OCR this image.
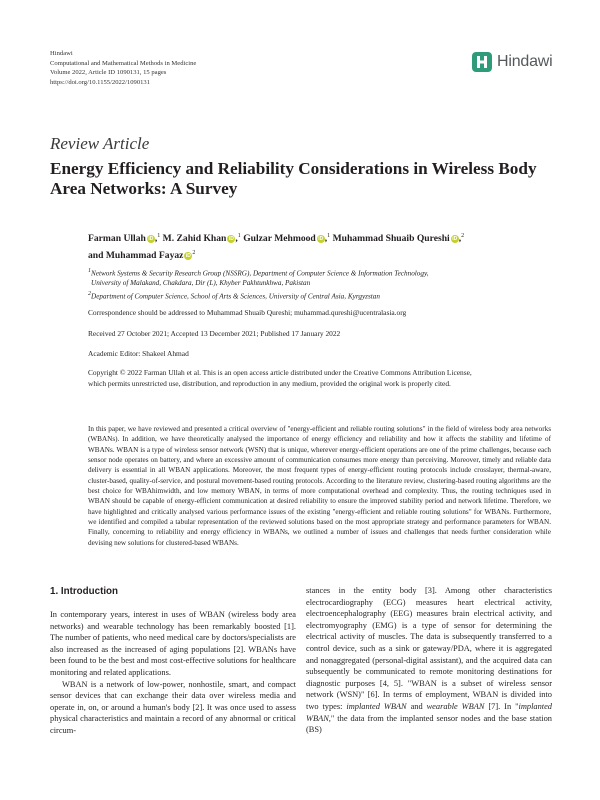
Hindawi
Computational and Mathematical Methods in Medicine
Volume 2022, Article ID 1090131, 15 pages
https://doi.org/10.1155/2022/1090131
Hindawi
Review Article
Energy Efficiency and Reliability Considerations in Wireless Body Area Networks: A Survey
Farman Ullah iD ,$^1$ M. Zahid Khan iD ,$^1$ Gulzar Mehmood iD ,$^1$ Muhammad Shuaib Qureshi iD ,$^2$
and Muhammad Fayaz iD $^2$
$^1$Network Systems & Security Research Group (NSSRG), Department of Computer Science & Information Technology,
University of Malakand, Chakdara, Dir (L), Khyber Pakhtunkhwa, Pakistan
$^2$Department of Computer Science, School of Arts & Sciences, University of Central Asia, Kyrgyzstan
Correspondence should be addressed to Muhammad Shuaib Qureshi; muhammad.qureshi@ucentralasia.org
Received 27 October 2021; Accepted 13 December 2021; Published 17 January 2022
Academic Editor: Shakeel Ahmad
Copyright © 2022 Farman Ullah et al. This is an open access article distributed under the Creative Commons Attribution License,
which permits unrestricted use, distribution, and reproduction in any medium, provided the original work is properly cited.
In this paper, we have reviewed and presented a critical overview of "energy-efficient and reliable routing solutions" in the field of wireless body area networks (WBANs). In addition, we have theoretically analysed the importance of energy efficiency and reliability and how it affects the stability and lifetime of WBANs. WBAN is a type of wireless sensor network (WSN) that is unique, wherever energy-efficient operations are one of the prime challenges, because each sensor node operates on battery, and where an excessive amount of communication consumes more energy than perceiving. Moreover, timely and reliable data delivery is essential in all WBAN applications. Moreover, the most frequent types of energy-efficient routing protocols include crosslayer, thermal-aware, cluster-based, quality-of-service, and postural movement-based routing protocols. According to the literature review, clustering-based routing algorithms are the best choice for WBAhimwidth, and low memory WBAN, in terms of more computational overhead and complexity. Thus, the routing techniques used in WBAN should be capable of energy-efficient communication at desired reliability to ensure the improved stability period and network lifetime. Therefore, we have highlighted and critically analysed various performance issues of the existing "energy-efficient and reliable routing solutions" for WBANs. Furthermore, we identified and compiled a tabular representation of the reviewed solutions based on the most appropriate strategy and performance parameters for WBAN. Finally, concerning to reliability and energy efficiency in WBANs, we outlined a number of issues and challenges that needs further consideration while devising new solutions for clustered-based WBANs.
1. Introduction

In contemporary years, interest in uses of WBAN (wireless body area networks) and wearable technology has been remarkably boosted [1]. The number of patients, who need medical care by doctors/specialists are also increased as the increased of aging populations [2]. WBANs have been found to be the best and most cost-effective solutions for healthcare monitoring and related applications.

WBAN is a network of low-power, nonhostile, smart, and compact sensor devices that can exchange their data over wireless media and operate in, on, or around a human's body [2]. It was once used to assess physical characteristics and maintain a record of any abnormal or critical circum-

stances in the entity body [3]. Among other characteristics electrocardiography (ECG) measures heart electrical activity, electroencephalography (EEG) measures brain electrical activity, and electromyography (EMG) is a type of sensor for determining the electrical activity of muscles. The data is subsequently transferred to a control device, such as a sink or gateway/PDA, where it is aggregated and nonaggregated (personal-digital assistant), and the acquired data can subsequently be communicated to remote monitoring destinations for diagnostic purposes [4, 5]. "WBAN is a subset of wireless sensor network (WSN)" [6]. In terms of employment, WBAN is divided into two types: implanted WBAN and wearable WBAN [7]. In "implanted WBAN," the data from the implanted sensor nodes and the base station (BS)
